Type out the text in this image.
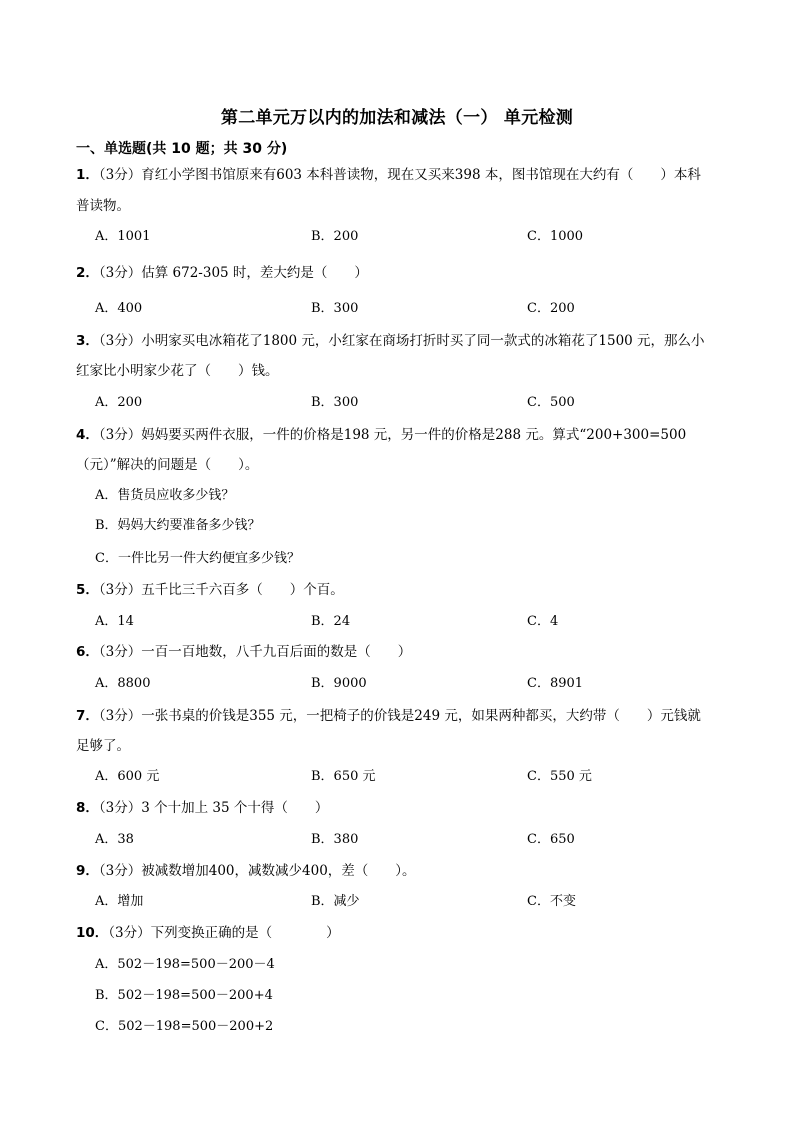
第二单元万以内的加法和减法（一） 单元检测
一、单选题(共 10 题；共 30 分)
1．（3分）育红小学图书馆原来有603 本科普读物，现在又买来398 本，图书馆现在大约有（　　）本科
普读物。
A．1001	B．200	C．1000
2．（3分）估算 672-305 时，差大约是（　　）
A．400	B．300	C．200
3．（3分）小明家买电冰箱花了1800 元，小红家在商场打折时买了同一款式的冰箱花了1500 元，那么小
红家比小明家少花了（　　）钱。
A．200	B．300	C．500
4．（3分）妈妈要买两件衣服，一件的价格是198 元，另一件的价格是288 元。算式“200+300=500
（元）”解决的问题是（　　）。
A．售货员应收多少钱？
B．妈妈大约要准备多少钱？
C．一件比另一件大约便宜多少钱？
5．（3分）五千比三千六百多（　　）个百。
A．14	B．24	C．4
6．（3分）一百一百地数，八千九百后面的数是（　　）
A．8800	B．9000	C．8901
7．（3分）一张书桌的价钱是355 元，一把椅子的价钱是249 元，如果两种都买，大约带（　　）元钱就
足够了。
A．600 元	B．650 元	C．550 元
8．（3分）3 个十加上 35 个十得（　　）
A．38	B．380	C．650
9．（3分）被减数增加400，减数减少400，差（　　）。
A．增加	B．减少	C．不变
10．（3分）下列变换正确的是（　　　　）
A．502－198=500－200－4
B．502－198=500－200+4
C．502－198=500－200+2
